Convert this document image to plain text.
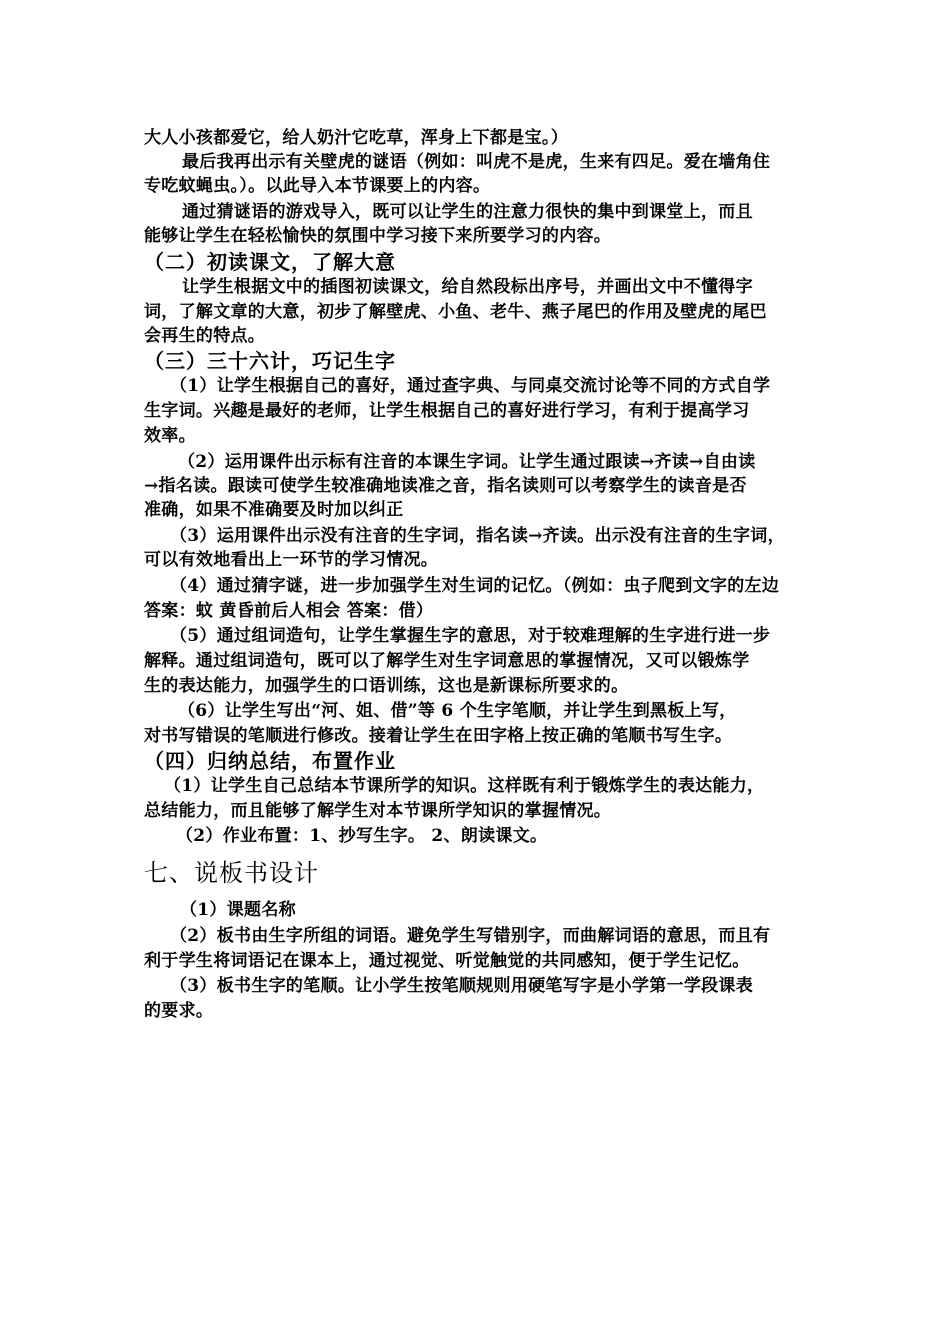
大人小孩都爱它，给人奶汁它吃草，浑身上下都是宝。）
最后我再出示有关壁虎的谜语（例如：叫虎不是虎，生来有四足。爱在墙角住
专吃蚊蝇虫。）。以此导入本节课要上的内容。
通过猜谜语的游戏导入，既可以让学生的注意力很快的集中到课堂上，而且
能够让学生在轻松愉快的氛围中学习接下来所要学习的内容。
（二）初读课文，了解大意
让学生根据文中的插图初读课文，给自然段标出序号，并画出文中不懂得字
词，了解文章的大意，初步了解壁虎、小鱼、老牛、燕子尾巴的作用及壁虎的尾巴
会再生的特点。
（三）三十六计，巧记生字
（1）让学生根据自己的喜好，通过查字典、与同桌交流讨论等不同的方式自学
生字词。兴趣是最好的老师，让学生根据自己的喜好进行学习，有利于提高学习
效率。
（2）运用课件出示标有注音的本课生字词。让学生通过跟读→齐读→自由读
→指名读。跟读可使学生较准确地读准之音，指名读则可以考察学生的读音是否
准确，如果不准确要及时加以纠正
（3）运用课件出示没有注音的生字词，指名读→齐读。出示没有注音的生字词，
可以有效地看出上一环节的学习情况。
（4）通过猜字谜，进一步加强学生对生词的记忆。（例如：虫子爬到文字的左边
答案：蚊 黄昏前后人相会 答案：借）
（5）通过组词造句，让学生掌握生字的意思，对于较难理解的生字进行进一步
解释。通过组词造句，既可以了解学生对生字词意思的掌握情况，又可以锻炼学
生的表达能力，加强学生的口语训练，这也是新课标所要求的。
（6）让学生写出“河、姐、借”等 6 个生字笔顺，并让学生到黑板上写，
对书写错误的笔顺进行修改。接着让学生在田字格上按正确的笔顺书写生字。
（四）归纳总结，布置作业
（1）让学生自己总结本节课所学的知识。这样既有利于锻炼学生的表达能力，
总结能力，而且能够了解学生对本节课所学知识的掌握情况。
（2）作业布置：1、抄写生字。 2、朗读课文。
七、说板书设计
（1）课题名称
（2）板书由生字所组的词语。避免学生写错别字，而曲解词语的意思，而且有
利于学生将词语记在课本上，通过视觉、听觉触觉的共同感知，便于学生记忆。
（3）板书生字的笔顺。让小学生按笔顺规则用硬笔写字是小学第一学段课表
的要求。
